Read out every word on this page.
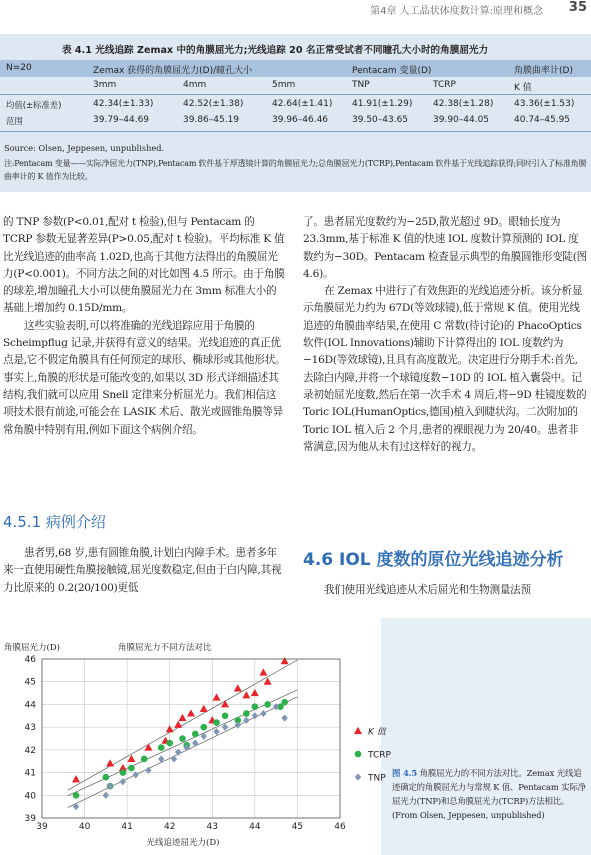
第4章 人工晶状体度数计算:原理和概念 35
表 4.1 光线追踪 Zemax 中的角膜屈光力;光线追踪 20 名正常受试者不同瞳孔大小时的角膜屈光力
N=20	Zemax 获得的角膜屈光力(D)/瞳孔大小	Pentacam 变量(D)	角膜曲率计(D)
3mm	4mm	5mm	TNP	TCRP	K 值
均值(±标准差)	42.34(±1.33)	42.52(±1.38)	42.64(±1.41) 41.91(±1.29) 42.38(±1.28) 43.36(±1.53)
范围	39.79–44.69	39.86–45.19	39.96–46.46	39.50–43.65	39.90–44.05	40.74–45.95
Source: Olsen, Jeppesen, unpublished.
注:Pentacam 变量——实际净屈光力(TNP),Pentacam 软件基于厚透镜计算的角膜屈光力;总角膜屈光力(TCRP),Pentacam 软件基于光线追踪获得;同时引入了标准角膜曲率计的 K 值作为比较。

的 TNP 参数(P<0.01,配对 t 检验),但与 Pentacam 的 TCRP 参数无显著差异(P>0.05,配对 t 检验)。平均标准 K 值比光线追迹的曲率高 1.02D,也高于其他方法得出的角膜屈光力(P<0.001)。不同方法之间的对比如图 4.5 所示。由于角膜的球差,增加瞳孔大小可以使角膜屈光力在 3mm 标准大小的基础上增加约 0.15D/mm。

这些实验表明,可以将准确的光线追踪应用于角膜的 Scheimpflug 记录,并获得有意义的结果。光线追迹的真正优点是,它不假定角膜具有任何预定的球形、椭球形或其他形状。事实上,角膜的形状是可能改变的,如果以 3D 形式详细描述其结构,我们就可以应用 Snell 定律来分析屈光力。我们相信这项技术很有前途,可能会在 LASIK 术后、散光或圆锥角膜等异常角膜中特别有用,例如下面这个病例介绍。

4.5.1 病例介绍

患者男,68 岁,患有圆锥角膜,计划白内障手术。患者多年来一直使用硬性角膜接触镜,屈光度数稳定,但由于白内障,其视力比原来的 0.2(20/100)更低

了。患者屈光度数约为−25D,散光超过 9D。眼轴长度为 23.3mm,基于标准 K 值的快速 IOL 度数计算预测的 IOL 度数约为−30D。Pentacam 检查显示典型的角膜圆锥形变陡(图 4.6)。

在 Zemax 中进行了有效焦距的光线追迹分析。该分析显示角膜屈光力约为 67D(等效球镜),低于常规 K 值。使用光线追迹的角膜曲率结果,在使用 C 常数(待讨论)的 PhacoOptics 软件(IOL Innovations)辅助下计算得出的 IOL 度数约为−16D(等效球镜),且具有高度散光。决定进行分期手术:首先,去除白内障,并将一个球镜度数−10D 的 IOL 植入囊袋中。记录初始屈光度数,然后在第一次手术 4 周后,将−9D 柱镜度数的 Toric IOL(HumanOptics,德国)植入到睫状沟。二次附加的 Toric IOL 植入后 2 个月,患者的裸眼视力为 20/40。患者非常满意,因为他从未有过这样好的视力。

4.6 IOL 度数的原位光线追迹分析

我们使用光线追迹从术后屈光和生物测量法预

39	40	41	42	43	44	45	46
39
40
41
42
43
44
45
46
角膜屈光力(D)	角膜屈光力不同方法对比
光线追迹屈光力(D)
K 值
TCRP
TNP
图 4.5 角膜屈光力的不同方法对比。Zemax 光线追迹确定的角膜屈光力与常规 K 值、Pentacam 实际净屈光力(TNP)和总角膜屈光力(TCRP)方法相比。(From Olsen, Jeppesen, unpublished)
